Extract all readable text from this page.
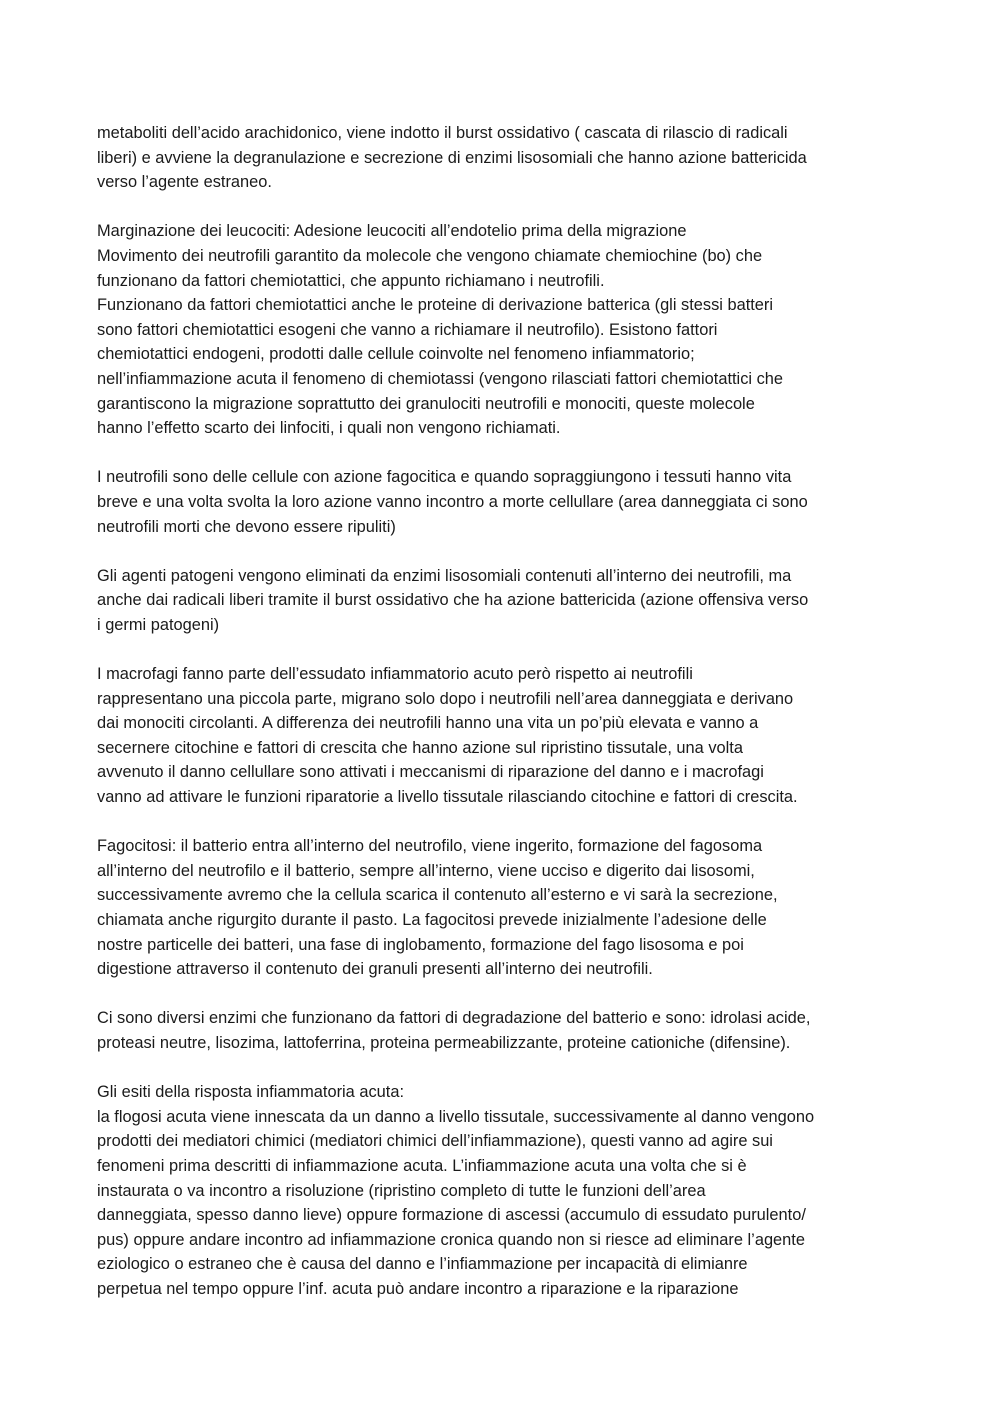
metaboliti dell’acido arachidonico, viene indotto il burst ossidativo ( cascata di rilascio di radicali
liberi) e avviene la degranulazione e secrezione di enzimi lisosomiali che hanno azione battericida
verso l’agente estraneo.

Marginazione dei leucociti: Adesione leucociti all’endotelio prima della migrazione
Movimento dei neutrofili garantito da molecole che vengono chiamate chemiochine (bo) che
funzionano da fattori chemiotattici, che appunto richiamano i neutrofili.
Funzionano da fattori chemiotattici anche le proteine di derivazione batterica (gli stessi batteri
sono fattori chemiotattici esogeni che vanno a richiamare il neutrofilo). Esistono fattori
chemiotattici endogeni, prodotti dalle cellule coinvolte nel fenomeno infiammatorio;
nell’infiammazione acuta il fenomeno di chemiotassi (vengono rilasciati fattori chemiotattici che
garantiscono la migrazione soprattutto dei granulociti neutrofili e monociti, queste molecole
hanno l’effetto scarto dei linfociti, i quali non vengono richiamati.

I neutrofili sono delle cellule con azione fagocitica e quando sopraggiungono i tessuti hanno vita
breve e una volta svolta la loro azione vanno incontro a morte cellullare (area danneggiata ci sono
neutrofili morti che devono essere ripuliti)

Gli agenti patogeni vengono eliminati da enzimi lisosomiali contenuti all’interno dei neutrofili, ma
anche dai radicali liberi tramite il burst ossidativo che ha azione battericida (azione offensiva verso
i germi patogeni)

I macrofagi fanno parte dell’essudato infiammatorio acuto però rispetto ai neutrofili
rappresentano una piccola parte, migrano solo dopo i neutrofili nell’area danneggiata e derivano
dai monociti circolanti. A differenza dei neutrofili hanno una vita un po’più elevata e vanno a
secernere citochine e fattori di crescita che hanno azione sul ripristino tissutale, una volta
avvenuto il danno cellullare sono attivati i meccanismi di riparazione del danno e i macrofagi
vanno ad attivare le funzioni riparatorie a livello tissutale rilasciando citochine e fattori di crescita.

Fagocitosi: il batterio entra all’interno del neutrofilo, viene ingerito, formazione del fagosoma
all’interno del neutrofilo e il batterio, sempre all’interno, viene ucciso e digerito dai lisosomi,
successivamente avremo che la cellula scarica il contenuto all’esterno e vi sarà la secrezione,
chiamata anche rigurgito durante il pasto. La fagocitosi prevede inizialmente l’adesione delle
nostre particelle dei batteri, una fase di inglobamento, formazione del fago lisosoma e poi
digestione attraverso il contenuto dei granuli presenti all’interno dei neutrofili.

Ci sono diversi enzimi che funzionano da fattori di degradazione del batterio e sono: idrolasi acide,
proteasi neutre, lisozima, lattoferrina, proteina permeabilizzante, proteine cationiche (difensine).

Gli esiti della risposta infiammatoria acuta:
la flogosi acuta viene innescata da un danno a livello tissutale, successivamente al danno vengono
prodotti dei mediatori chimici (mediatori chimici dell’infiammazione), questi vanno ad agire sui
fenomeni prima descritti di infiammazione acuta. L’infiammazione acuta una volta che si è
instaurata o va incontro a risoluzione (ripristino completo di tutte le funzioni dell’area
danneggiata, spesso danno lieve) oppure formazione di ascessi (accumulo di essudato purulento/
pus) oppure andare incontro ad infiammazione cronica quando non si riesce ad eliminare l’agente
eziologico o estraneo che è causa del danno e l’infiammazione per incapacità di elimianre
perpetua nel tempo oppure l’inf. acuta può andare incontro a riparazione e la riparazione
